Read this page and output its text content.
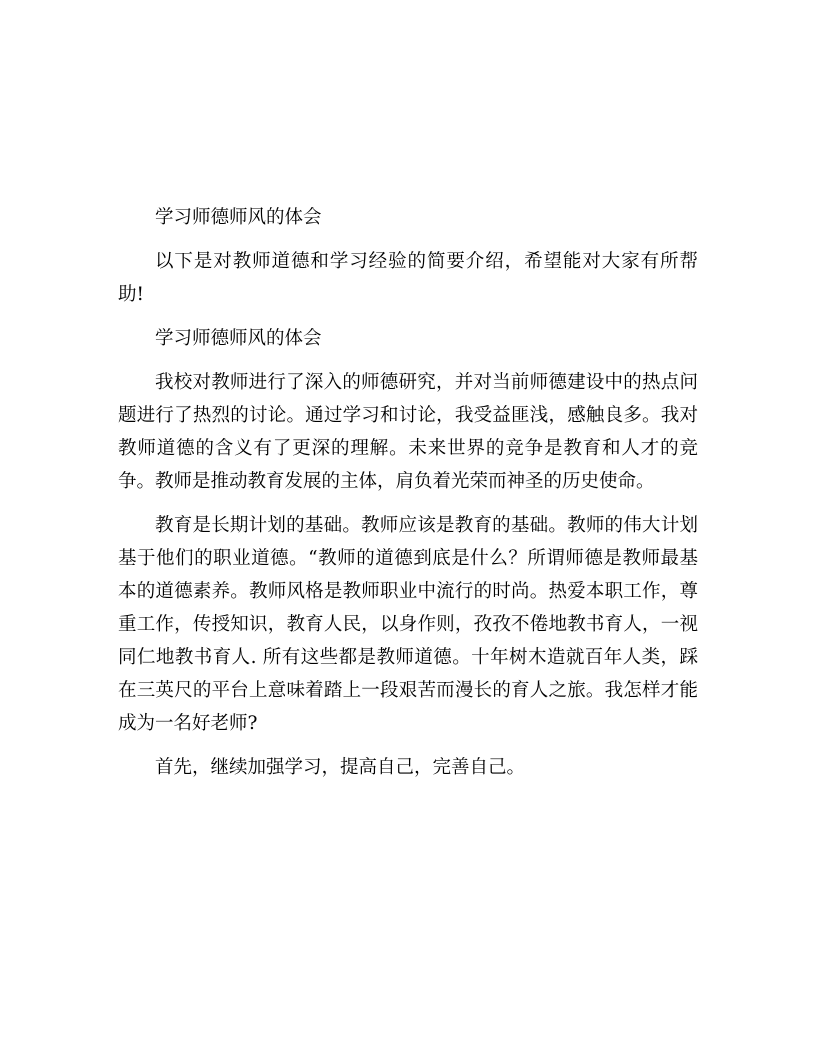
学习师德师风的体会

以下是对教师道德和学习经验的简要介绍，希望能对大家有所帮助!

学习师德师风的体会

我校对教师进行了深入的师德研究，并对当前师德建设中的热点问题进行了热烈的讨论。通过学习和讨论，我受益匪浅，感触良多。我对教师道德的含义有了更深的理解。未来世界的竞争是教育和人才的竞争。教师是推动教育发展的主体，肩负着光荣而神圣的历史使命。

教育是长期计划的基础。教师应该是教育的基础。教师的伟大计划基于他们的职业道德。“教师的道德到底是什么？所谓师德是教师最基本的道德素养。教师风格是教师职业中流行的时尚。热爱本职工作，尊重工作，传授知识，教育人民，以身作则，孜孜不倦地教书育人，一视同仁地教书育人. 所有这些都是教师道德。十年树木造就百年人类，踩在三英尺的平台上意味着踏上一段艰苦而漫长的育人之旅。我怎样才能成为一名好老师?

首先，继续加强学习，提高自己，完善自己。
